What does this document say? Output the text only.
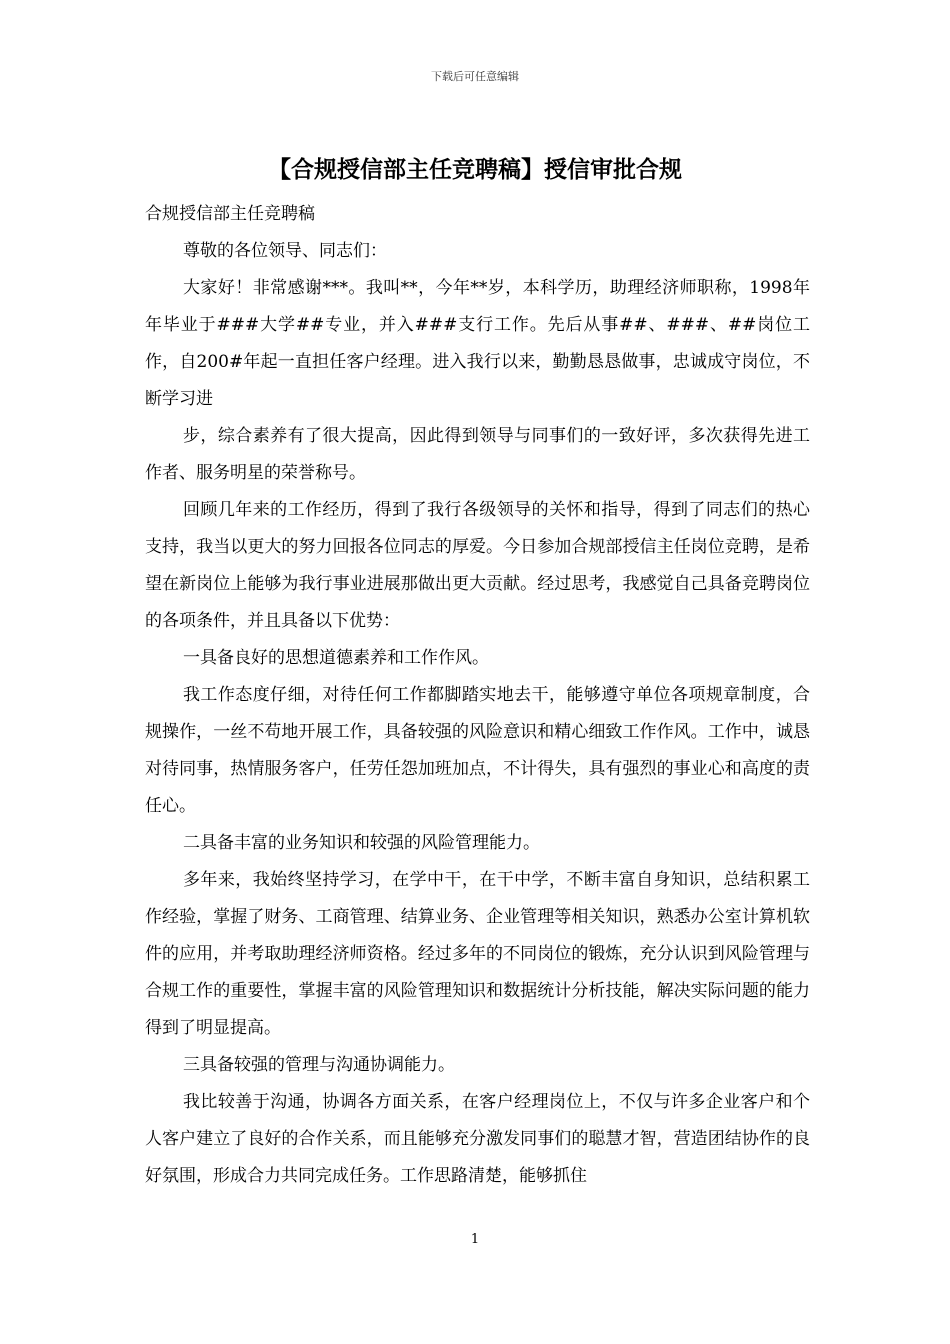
下载后可任意编辑
【合规授信部主任竞聘稿】授信审批合规

合规授信部主任竞聘稿

尊敬的各位领导、同志们：

大家好！非常感谢***。我叫**，今年**岁，本科学历，助理经济师职称，1998年年毕业于###大学##专业，并入###支行工作。先后从事##、###、##岗位工作，自200#年起一直担任客户经理。进入我行以来，勤勤恳恳做事，忠诚成守岗位，不断学习进

步，综合素养有了很大提高，因此得到领导与同事们的一致好评，多次获得先进工作者、服务明星的荣誉称号。

回顾几年来的工作经历，得到了我行各级领导的关怀和指导，得到了同志们的热心支持，我当以更大的努力回报各位同志的厚爱。今日参加合规部授信主任岗位竞聘，是希望在新岗位上能够为我行事业进展那做出更大贡献。经过思考，我感觉自己具备竞聘岗位的各项条件，并且具备以下优势：

一具备良好的思想道德素养和工作作风。

我工作态度仔细，对待任何工作都脚踏实地去干，能够遵守单位各项规章制度，合规操作，一丝不苟地开展工作，具备较强的风险意识和精心细致工作作风。工作中，诚恳对待同事，热情服务客户，任劳任怨加班加点，不计得失，具有强烈的事业心和高度的责任心。

二具备丰富的业务知识和较强的风险管理能力。

多年来，我始终坚持学习，在学中干，在干中学，不断丰富自身知识，总结积累工作经验，掌握了财务、工商管理、结算业务、企业管理等相关知识，熟悉办公室计算机软件的应用，并考取助理经济师资格。经过多年的不同岗位的锻炼，充分认识到风险管理与合规工作的重要性，掌握丰富的风险管理知识和数据统计分析技能，解决实际问题的能力得到了明显提高。

三具备较强的管理与沟通协调能力。

我比较善于沟通，协调各方面关系，在客户经理岗位上，不仅与许多企业客户和个人客户建立了良好的合作关系，而且能够充分激发同事们的聪慧才智，营造团结协作的良好氛围，形成合力共同完成任务。工作思路清楚，能够抓住

1
